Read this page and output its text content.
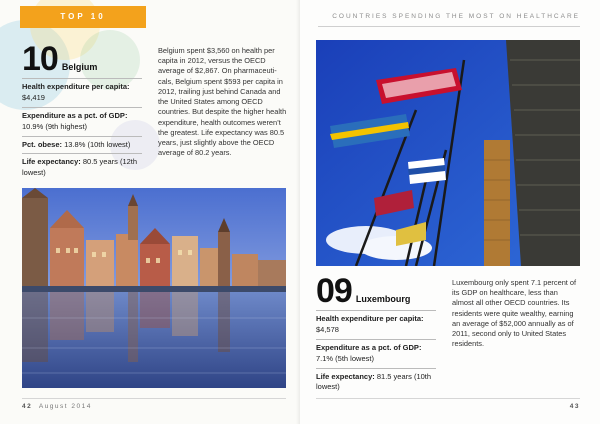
TOP 10
10 Belgium
Health expenditure per capita: $4,419
Expenditure as a pct. of GDP: 10.9% (9th highest)
Pct. obese: 13.8% (10th lowest)
Life expectancy: 80.5 years (12th lowest)
Belgium spent $3,560 on health per capita in 2012, versus the OECD average of $2,867. On pharmaceuti-cals, Belgium spent $593 per capita in 2012, trailing just behind Canada and the United States among OECD countries. But despite the higher health expenditure, health outcomes weren’t the greatest. Life expectancy was 80.5 years, just slightly above the OECD average of 80.2 years.
42 August 2014
COUNTRIES SPENDING THE MOST ON HEALTHCARE
09 Luxembourg
Health expenditure per capita: $4,578
Expenditure as a pct. of GDP: 7.1% (5th lowest)
Life expectancy: 81.5 years (10th lowest)
Luxembourg only spent 7.1 percent of its GDP on healthcare, less than almost all other OECD countries. Its residents were quite wealthy, earning an average of $52,000 annually as of 2011, second only to United States residents.
43
